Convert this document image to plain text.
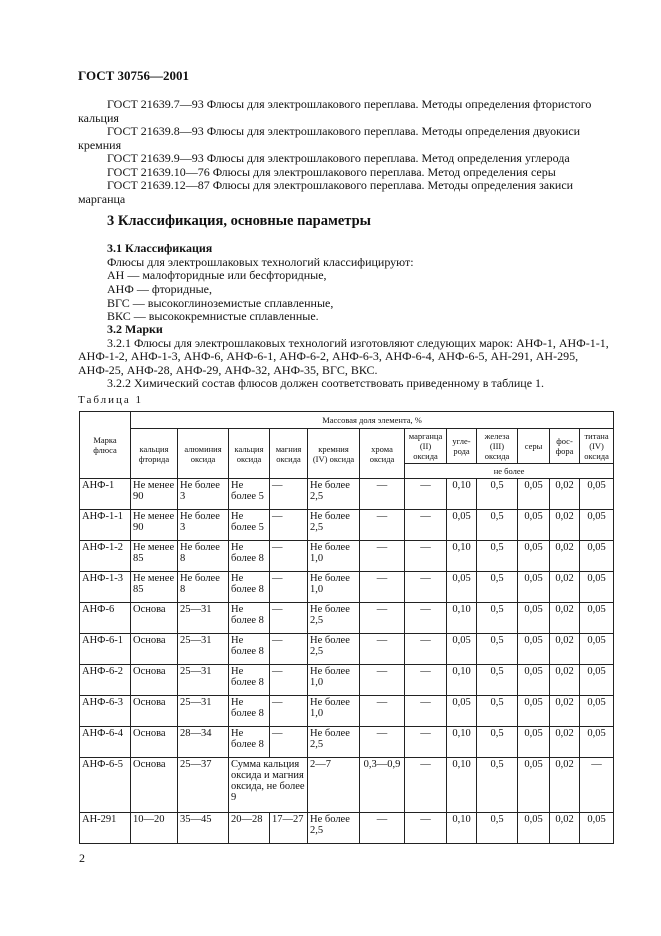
ГОСТ 30756—2001
ГОСТ 21639.7—93 Флюсы для электрошлакового переплава. Методы определения фтористого
кальция
ГОСТ 21639.8—93 Флюсы для электрошлакового переплава. Методы определения двуокиси
кремния
ГОСТ 21639.9—93 Флюсы для электрошлакового переплава. Метод определения углерода
ГОСТ 21639.10—76 Флюсы для электрошлакового переплава. Метод определения серы
ГОСТ 21639.12—87 Флюсы для электрошлакового переплава. Методы определения закиси
марганца
3 Классификация, основные параметры
3.1 Классификация
Флюсы для электрошлаковых технологий классифицируют:
АН — малофторидные или бесфторидные,
АНФ — фторидные,
ВГС — высокоглиноземистые сплавленные,
ВКС — высококремнистые сплавленные.
3.2 Марки
3.2.1 Флюсы для электрошлаковых технологий изготовляют следующих марок: АНФ-1, АНФ-1-1,
АНФ-1-2, АНФ-1-3, АНФ-6, АНФ-6-1, АНФ-6-2, АНФ-6-3, АНФ-6-4, АНФ-6-5, АН-291, АН-295,
АНФ-25, АНФ-28, АНФ-29, АНФ-32, АНФ-35, ВГС, ВКС.
3.2.2 Химический состав флюсов должен соответствовать приведенному в таблице 1.
Таблица 1
Марка флюса	Массовая доля элемента, %											
	кальция фторида	алюминия оксида	кальция оксида	магния оксида	кремния (IV) оксида	хрома оксида	марганца (II) оксида	угле-рода	железа (III) оксида	серы	фос-фора	титана (IV) оксида
							не более					
АНФ-1	Не менее 90	Не более 3	Не более 5	—	Не более 2,5	—	—	0,10	0,5	0,05	0,02	0,05
АНФ-1-1	Не менее 90	Не более 3	Не более 5	—	Не более 2,5	—	—	0,05	0,5	0,05	0,02	0,05
АНФ-1-2	Не менее 85	Не более 8	Не более 8	—	Не более 1,0	—	—	0,10	0,5	0,05	0,02	0,05
АНФ-1-3	Не менее 85	Не более 8	Не более 8	—	Не более 1,0	—	—	0,05	0,5	0,05	0,02	0,05
АНФ-6	Основа	25—31	Не более 8	—	Не более 2,5	—	—	0,10	0,5	0,05	0,02	0,05
АНФ-6-1	Основа	25—31	Не более 8	—	Не более 2,5	—	—	0,05	0,5	0,05	0,02	0,05
АНФ-6-2	Основа	25—31	Не более 8	—	Не более 1,0	—	—	0,10	0,5	0,05	0,02	0,05
АНФ-6-3	Основа	25—31	Не более 8	—	Не более 1,0	—	—	0,05	0,5	0,05	0,02	0,05
АНФ-6-4	Основа	28—34	Не более 8	—	Не более 2,5	—	—	0,10	0,5	0,05	0,02	0,05
АНФ-6-5	Основа	25—37	Сумма кальция оксида и магния оксида, не более 9		2—7	0,3—0,9	—	0,10	0,5	0,05	0,02	—
АН-291	10—20	35—45	20—28	17—27	Не более 2,5	—	—	0,10	0,5	0,05	0,02	0,05
2
